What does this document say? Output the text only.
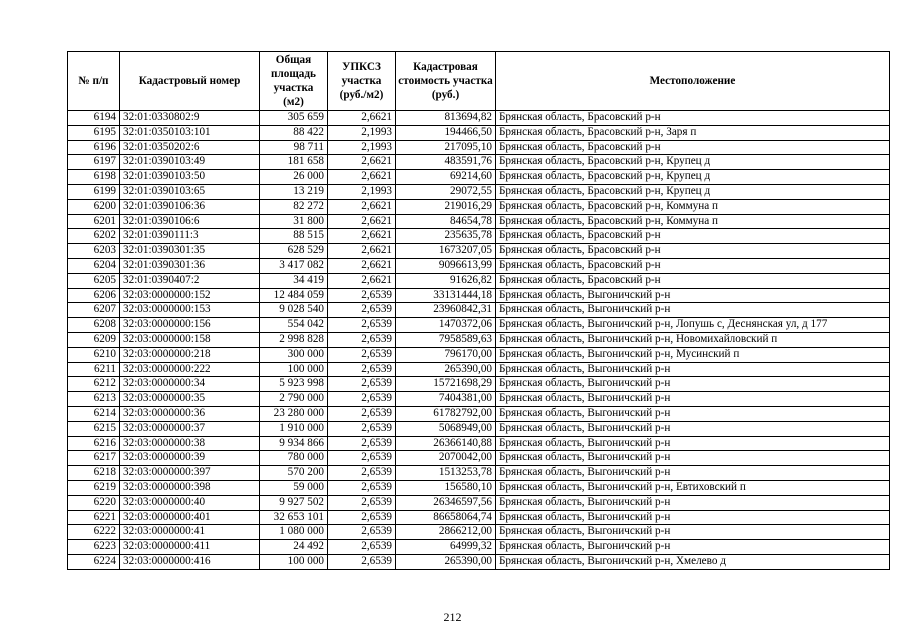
№ п/п	Кадастровый номер	Общая площадь участка (м2)	УПКСЗ участка (руб./м2)	Кадастровая стоимость участка (руб.)	Местоположение
6194	32:01:0330802:9	305 659	2,6621	813694,82	Брянская область, Брасовский р-н
6195	32:01:0350103:101	88 422	2,1993	194466,50	Брянская область, Брасовский р-н, Заря п
6196	32:01:0350202:6	98 711	2,1993	217095,10	Брянская область, Брасовский р-н
6197	32:01:0390103:49	181 658	2,6621	483591,76	Брянская область, Брасовский р-н, Крупец д
6198	32:01:0390103:50	26 000	2,6621	69214,60	Брянская область, Брасовский р-н, Крупец д
6199	32:01:0390103:65	13 219	2,1993	29072,55	Брянская область, Брасовский р-н, Крупец д
6200	32:01:0390106:36	82 272	2,6621	219016,29	Брянская область, Брасовский р-н, Коммуна п
6201	32:01:0390106:6	31 800	2,6621	84654,78	Брянская область, Брасовский р-н, Коммуна п
6202	32:01:0390111:3	88 515	2,6621	235635,78	Брянская область, Брасовский р-н
6203	32:01:0390301:35	628 529	2,6621	1673207,05	Брянская область, Брасовский р-н
6204	32:01:0390301:36	3 417 082	2,6621	9096613,99	Брянская область, Брасовский р-н
6205	32:01:0390407:2	34 419	2,6621	91626,82	Брянская область, Брасовский р-н
6206	32:03:0000000:152	12 484 059	2,6539	33131444,18	Брянская область, Выгоничский р-н
6207	32:03:0000000:153	9 028 540	2,6539	23960842,31	Брянская область, Выгоничский р-н
6208	32:03:0000000:156	554 042	2,6539	1470372,06	Брянская область, Выгоничский р-н, Лопушь с, Деснянская ул, д 177
6209	32:03:0000000:158	2 998 828	2,6539	7958589,63	Брянская область, Выгоничский р-н, Новомихайловский п
6210	32:03:0000000:218	300 000	2,6539	796170,00	Брянская область, Выгоничский р-н, Мусинский п
6211	32:03:0000000:222	100 000	2,6539	265390,00	Брянская область, Выгоничский р-н
6212	32:03:0000000:34	5 923 998	2,6539	15721698,29	Брянская область, Выгоничский р-н
6213	32:03:0000000:35	2 790 000	2,6539	7404381,00	Брянская область, Выгоничский р-н
6214	32:03:0000000:36	23 280 000	2,6539	61782792,00	Брянская область, Выгоничский р-н
6215	32:03:0000000:37	1 910 000	2,6539	5068949,00	Брянская область, Выгоничский р-н
6216	32:03:0000000:38	9 934 866	2,6539	26366140,88	Брянская область, Выгоничский р-н
6217	32:03:0000000:39	780 000	2,6539	2070042,00	Брянская область, Выгоничский р-н
6218	32:03:0000000:397	570 200	2,6539	1513253,78	Брянская область, Выгоничский р-н
6219	32:03:0000000:398	59 000	2,6539	156580,10	Брянская область, Выгоничский р-н, Евтиховский п
6220	32:03:0000000:40	9 927 502	2,6539	26346597,56	Брянская область, Выгоничский р-н
6221	32:03:0000000:401	32 653 101	2,6539	86658064,74	Брянская область, Выгоничский р-н
6222	32:03:0000000:41	1 080 000	2,6539	2866212,00	Брянская область, Выгоничский р-н
6223	32:03:0000000:411	24 492	2,6539	64999,32	Брянская область, Выгоничский р-н
6224	32:03:0000000:416	100 000	2,6539	265390,00	Брянская область, Выгоничский р-н, Хмелево д
212
